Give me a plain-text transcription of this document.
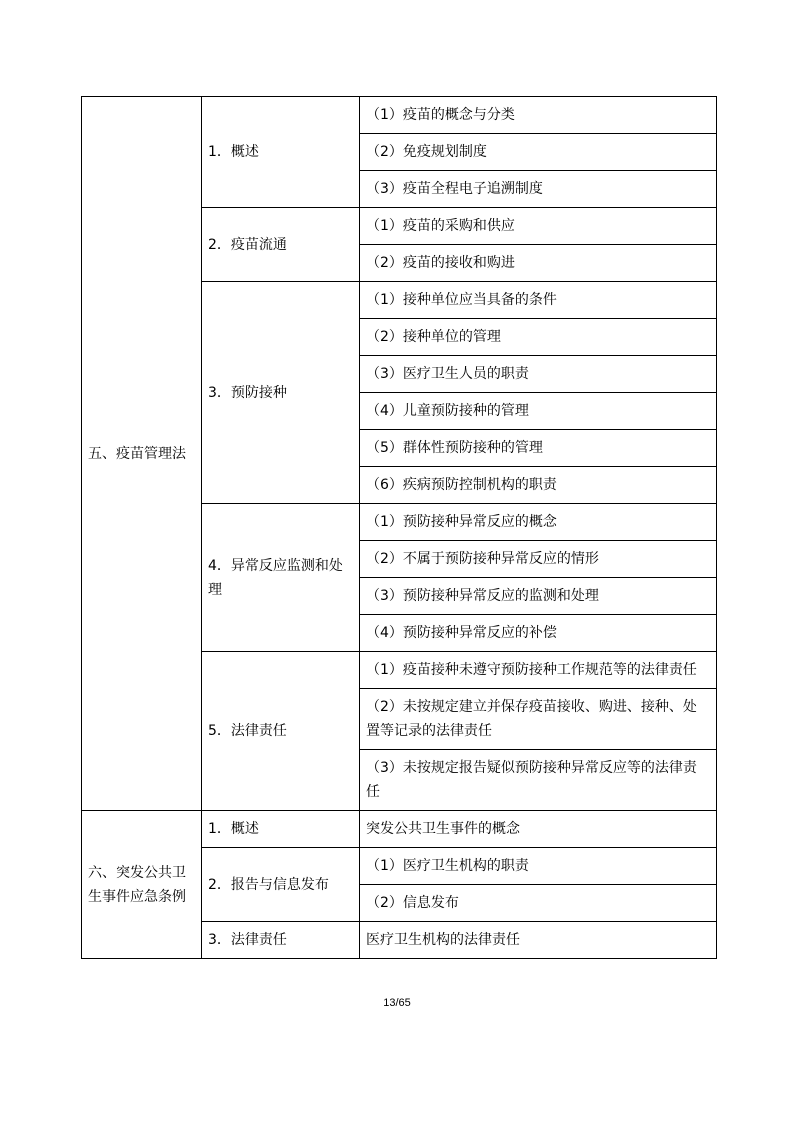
五、疫苗管理法	1．概述	（1）疫苗的概念与分类
		（2）免疫规划制度
		（3）疫苗全程电子追溯制度
	2．疫苗流通	（1）疫苗的采购和供应
		（2）疫苗的接收和购进
	3．预防接种	（1）接种单位应当具备的条件
		（2）接种单位的管理
		（3）医疗卫生人员的职责
		（4）儿童预防接种的管理
		（5）群体性预防接种的管理
		（6）疾病预防控制机构的职责
	4．异常反应监测和处理	（1）预防接种异常反应的概念
		（2）不属于预防接种异常反应的情形
		（3）预防接种异常反应的监测和处理
		（4）预防接种异常反应的补偿
	5．法律责任	（1）疫苗接种未遵守预防接种工作规范等的法律责任
		（2）未按规定建立并保存疫苗接收、购进、接种、处置等记录的法律责任
		（3）未按规定报告疑似预防接种异常反应等的法律责任
六、突发公共卫生事件应急条例	1．概述	突发公共卫生事件的概念
	2．报告与信息发布	（1）医疗卫生机构的职责
		（2）信息发布
	3．法律责任	医疗卫生机构的法律责任
13/65
